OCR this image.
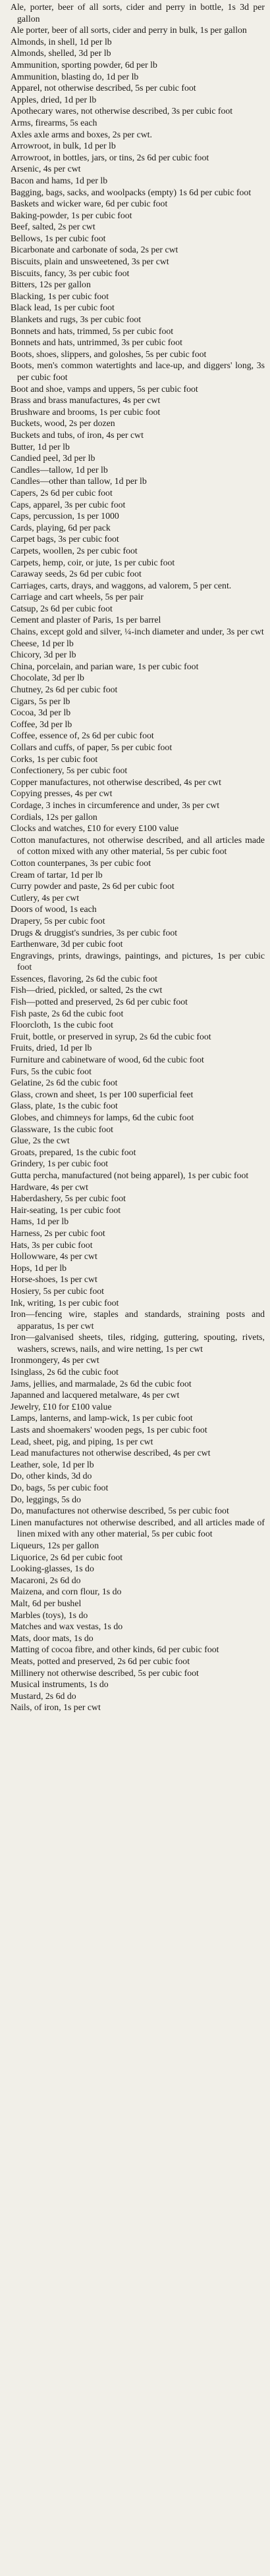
Ale, porter, beer of all sorts, cider and perry in bottle, 1s 3d per gallon

Ale porter, beer of all sorts, cider and perry in bulk, 1s per gallon

Almonds, in shell, 1d per lb

Almonds, shelled, 3d per lb

Ammunition, sporting powder, 6d per lb

Ammunition, blasting do, 1d per lb

Apparel, not otherwise described, 5s per cubic foot

Apples, dried, 1d per lb

Apothecary wares, not otherwise described, 3s per cubic foot

Arms, firearms, 5s each

Axles axle arms and boxes, 2s per cwt.

Arrowroot, in bulk, 1d per lb

Arrowroot, in bottles, jars, or tins, 2s 6d per cubic foot

Arsenic, 4s per cwt

Bacon and hams, 1d per lb

Bagging, bags, sacks, and woolpacks (empty) 1s 6d per cubic foot

Baskets and wicker ware, 6d per cubic foot

Baking-powder, 1s per cubic foot

Beef, salted, 2s per cwt

Bellows, 1s per cubic foot

Bicarbonate and carbonate of soda, 2s per cwt

Biscuits, plain and unsweetened, 3s per cwt

Biscuits, fancy, 3s per cubic foot

Bitters, 12s per gallon

Blacking, 1s per cubic foot

Black lead, 1s per cubic foot

Blankets and rugs, 3s per cubic foot

Bonnets and hats, trimmed, 5s per cubic foot

Bonnets and hats, untrimmed, 3s per cubic foot

Boots, shoes, slippers, and goloshes, 5s per cubic foot

Boots, men's common watertights and lace-up, and diggers' long, 3s per cubic foot

Boot and shoe, vamps and uppers, 5s per cubic foot

Brass and brass manufactures, 4s per cwt

Brushware and brooms, 1s per cubic foot

Buckets, wood, 2s per dozen

Buckets and tubs, of iron, 4s per cwt

Butter, 1d per lb

Candied peel, 3d per lb

Candles—tallow, 1d per lb

Candles—other than tallow, 1d per lb

Capers, 2s 6d per cubic foot

Caps, apparel, 3s per cubic foot

Caps, percussion, 1s per 1000

Cards, playing, 6d per pack

Carpet bags, 3s per cubic foot

Carpets, woollen, 2s per cubic foot

Carpets, hemp, coir, or jute, 1s per cubic foot

Caraway seeds, 2s 6d per cubic foot

Carriages, carts, drays, and waggons, ad valorem, 5 per cent.

Carriage and cart wheels, 5s per pair

Catsup, 2s 6d per cubic foot

Cement and plaster of Paris, 1s per barrel

Chains, except gold and silver, ¼-inch diameter and under, 3s per cwt

Cheese, 1d per lb

Chicory, 3d per lb

China, porcelain, and parian ware, 1s per cubic foot

Chocolate, 3d per lb

Chutney, 2s 6d per cubic foot

Cigars, 5s per lb

Cocoa, 3d per lb

Coffee, 3d per lb

Coffee, essence of, 2s 6d per cubic foot

Collars and cuffs, of paper, 5s per cubic foot

Corks, 1s per cubic foot

Confectionery, 5s per cubic foot

Copper manufactures, not otherwise described, 4s per cwt

Copying presses, 4s per cwt

Cordage, 3 inches in circumference and under, 3s per cwt

Cordials, 12s per gallon

Clocks and watches, £10 for every £100 value

Cotton manufactures, not otherwise described, and all articles made of cotton mixed with any other material, 5s per cubic foot

Cotton counterpanes, 3s per cubic foot

Cream of tartar, 1d per lb

Curry powder and paste, 2s 6d per cubic foot

Cutlery, 4s per cwt

Doors of wood, 1s each

Drapery, 5s per cubic foot

Drugs & druggist's sundries, 3s per cubic foot

Earthenware, 3d per cubic foot

Engravings, prints, drawings, paintings, and pictures, 1s per cubic foot

Essences, flavoring, 2s 6d the cubic foot

Fish—dried, pickled, or salted, 2s the cwt

Fish—potted and preserved, 2s 6d per cubic foot

Fish paste, 2s 6d the cubic foot

Floorcloth, 1s the cubic foot

Fruit, bottle, or preserved in syrup, 2s 6d the cubic foot

Fruits, dried, 1d per lb

Furniture and cabinetware of wood, 6d the cubic foot

Furs, 5s the cubic foot

Gelatine, 2s 6d the cubic foot

Glass, crown and sheet, 1s per 100 superficial feet

Glass, plate, 1s the cubic foot

Globes, and chimneys for lamps, 6d the cubic foot

Glassware, 1s the cubic foot

Glue, 2s the cwt

Groats, prepared, 1s the cubic foot

Grindery, 1s per cubic foot

Gutta percha, manufactured (not being apparel), 1s per cubic foot

Hardware, 4s per cwt

Haberdashery, 5s per cubic foot

Hair-seating, 1s per cubic foot

Hams, 1d per lb

Harness, 2s per cubic foot

Hats, 3s per cubic foot

Hollowware, 4s per cwt

Hops, 1d per lb

Horse-shoes, 1s per cwt

Hosiery, 5s per cubic foot

Ink, writing, 1s per cubic foot

Iron—fencing wire, staples and standards, straining posts and apparatus, 1s per cwt

Iron—galvanised sheets, tiles, ridging, guttering, spouting, rivets, washers, screws, nails, and wire netting, 1s per cwt

Ironmongery, 4s per cwt

Isinglass, 2s 6d the cubic foot

Jams, jellies, and marmalade, 2s 6d the cubic foot

Japanned and lacquered metalware, 4s per cwt

Jewelry, £10 for £100 value

Lamps, lanterns, and lamp-wick, 1s per cubic foot

Lasts and shoemakers' wooden pegs, 1s per cubic foot

Lead, sheet, pig, and piping, 1s per cwt

Lead manufactures not otherwise described, 4s per cwt

Leather, sole, 1d per lb

Do, other kinds, 3d do

Do, bags, 5s per cubic foot

Do, leggings, 5s do

Do, manufactures not otherwise described, 5s per cubic foot

Linen manufactures not otherwise described, and all articles made of linen mixed with any other material, 5s per cubic foot

Liqueurs, 12s per gallon

Liquorice, 2s 6d per cubic foot

Looking-glasses, 1s do

Macaroni, 2s 6d do

Maizena, and corn flour, 1s do

Malt, 6d per bushel

Marbles (toys), 1s do

Matches and wax vestas, 1s do

Mats, door mats, 1s do

Matting of cocoa fibre, and other kinds, 6d per cubic foot

Meats, potted and preserved, 2s 6d per cubic foot

Millinery not otherwise described, 5s per cubic foot

Musical instruments, 1s do

Mustard, 2s 6d do

Nails, of iron, 1s per cwt
